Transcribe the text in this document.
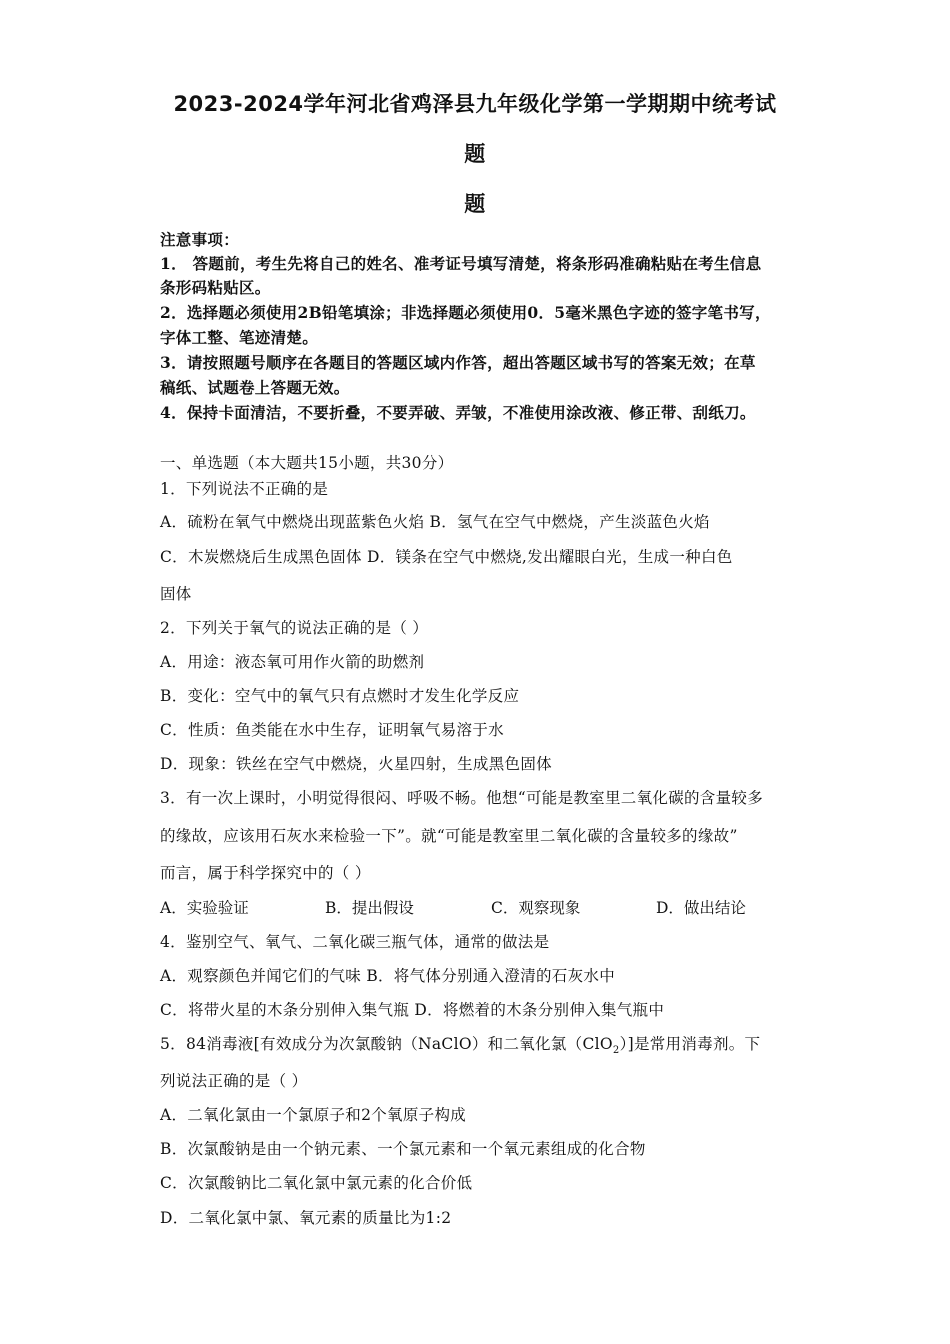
2023-2024学年河北省鸡泽县九年级化学第一学期期中统考试
题
题
注意事项：
1． 答题前，考生先将自己的姓名、准考证号填写清楚，将条形码准确粘贴在考生信息
条形码粘贴区。
2．选择题必须使用2B铅笔填涂；非选择题必须使用0．5毫米黑色字迹的签字笔书写，
字体工整、笔迹清楚。
3．请按照题号顺序在各题目的答题区域内作答，超出答题区域书写的答案无效；在草
稿纸、试题卷上答题无效。
4．保持卡面清洁，不要折叠，不要弄破、弄皱，不准使用涂改液、修正带、刮纸刀。
一、单选题（本大题共15小题，共30分）
1．下列说法不正确的是
A．硫粉在氧气中燃烧出现蓝紫色火焰 B．氢气在空气中燃烧，产生淡蓝色火焰
C．木炭燃烧后生成黑色固体 D．镁条在空气中燃烧,发出耀眼白光，生成一种白色
固体
2．下列关于氧气的说法正确的是（ ）
A．用途：液态氧可用作火箭的助燃剂
B．变化：空气中的氧气只有点燃时才发生化学反应
C．性质：鱼类能在水中生存，证明氧气易溶于水
D．现象：铁丝在空气中燃烧，火星四射，生成黑色固体
3．有一次上课时，小明觉得很闷、呼吸不畅。他想“可能是教室里二氧化碳的含量较多
的缘故，应该用石灰水来检验一下”。就“可能是教室里二氧化碳的含量较多的缘故”
而言，属于科学探究中的（ ）
A．实验验证	B．提出假设	C．观察现象	D．做出结论
4．鉴别空气、氧气、二氧化碳三瓶气体，通常的做法是
A．观察颜色并闻它们的气味 B．将气体分别通入澄清的石灰水中
C．将带火星的木条分别伸入集气瓶 D．将燃着的木条分别伸入集气瓶中
5．84消毒液[有效成分为次氯酸钠（NaClO）和二氧化氯（ClO$_2$）]是常用消毒剂。下
列说法正确的是（ ）
A．二氧化氯由一个氯原子和2个氧原子构成
B．次氯酸钠是由一个钠元素、一个氯元素和一个氧元素组成的化合物
C．次氯酸钠比二氧化氯中氯元素的化合价低
D．二氧化氯中氯、氧元素的质量比为1:2
